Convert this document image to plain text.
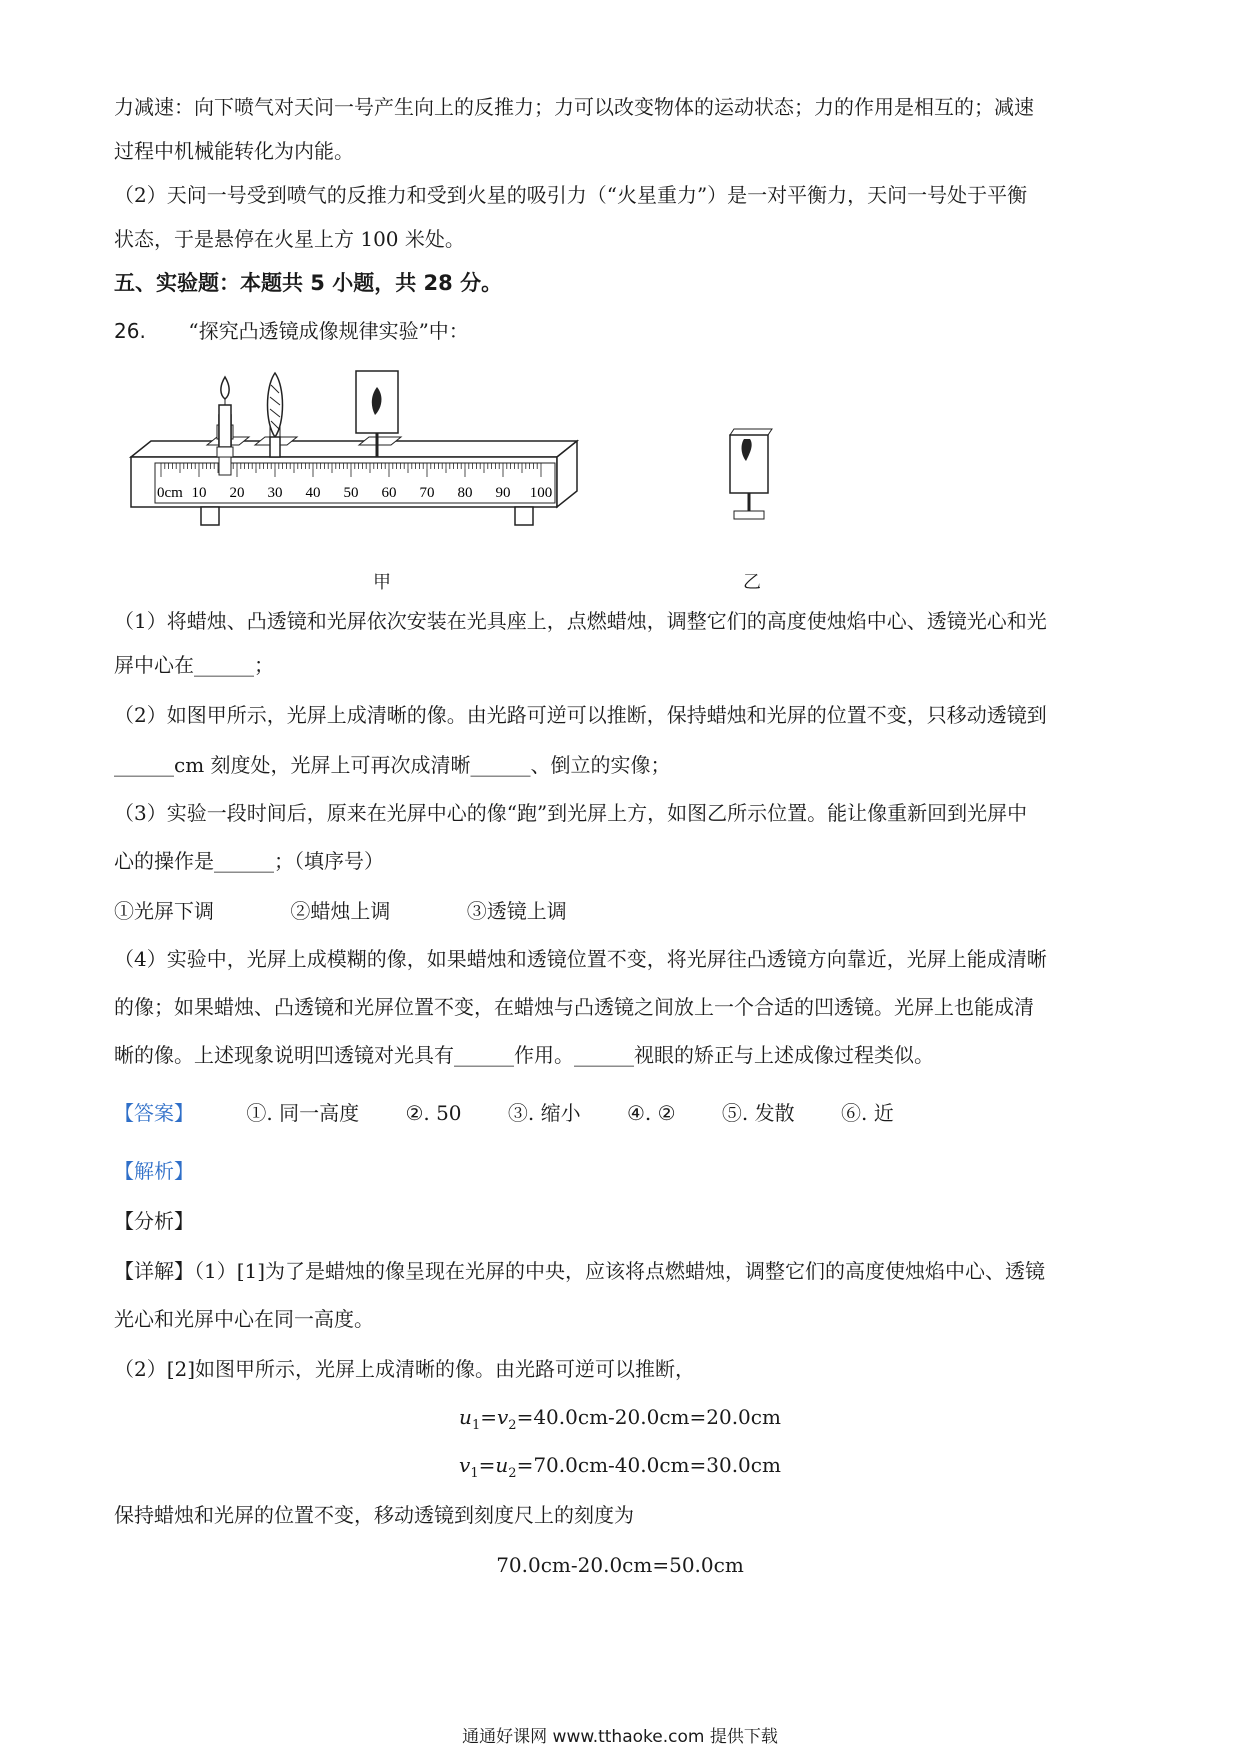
力减速：向下喷气对天问一号产生向上的反推力；力可以改变物体的运动状态；力的作用是相互的；减速
过程中机械能转化为内能。
（2）天问一号受到喷气的反推力和受到火星的吸引力（“火星重力”）是一对平衡力，天问一号处于平衡
状态，于是悬停在火星上方 100 米处。
五、实验题：本题共 5 小题，共 28 分。
26. “探究凸透镜成像规律实验”中：
0cm 10 20 30 40 50 60 70 80 90 100
甲	乙
（1）将蜡烛、凸透镜和光屏依次安装在光具座上，点燃蜡烛，调整它们的高度使烛焰中心、透镜光心和光
屏中心在______；
（2）如图甲所示，光屏上成清晰的像。由光路可逆可以推断，保持蜡烛和光屏的位置不变，只移动透镜到
______cm 刻度处，光屏上可再次成清晰______、倒立的实像；
（3）实验一段时间后，原来在光屏中心的像“跑”到光屏上方，如图乙所示位置。能让像重新回到光屏中
心的操作是______；（填序号）
①光屏下调	②蜡烛上调	③透镜上调
（4）实验中，光屏上成模糊的像，如果蜡烛和透镜位置不变，将光屏往凸透镜方向靠近，光屏上能成清晰
的像；如果蜡烛、凸透镜和光屏位置不变，在蜡烛与凸透镜之间放上一个合适的凹透镜。光屏上也能成清
晰的像。上述现象说明凹透镜对光具有______作用。______视眼的矫正与上述成像过程类似。
【答案】	①. 同一高度 ②. 50 ③. 缩小 ④. ② ⑤. 发散 ⑥. 近
【解析】
【分析】
【详解】（1）[1]为了是蜡烛的像呈现在光屏的中央，应该将点燃蜡烛，调整它们的高度使烛焰中心、透镜
光心和光屏中心在同一高度。
（2）[2]如图甲所示，光屏上成清晰的像。由光路可逆可以推断，
$u_1=v_2=40.0cm-20.0cm=20.0cm$
$v_1=u_2=70.0cm-40.0cm=30.0cm$
保持蜡烛和光屏的位置不变，移动透镜到刻度尺上的刻度为
70.0cm-20.0cm=50.0cm
通通好课网 www.tthaoke.com 提供下载
